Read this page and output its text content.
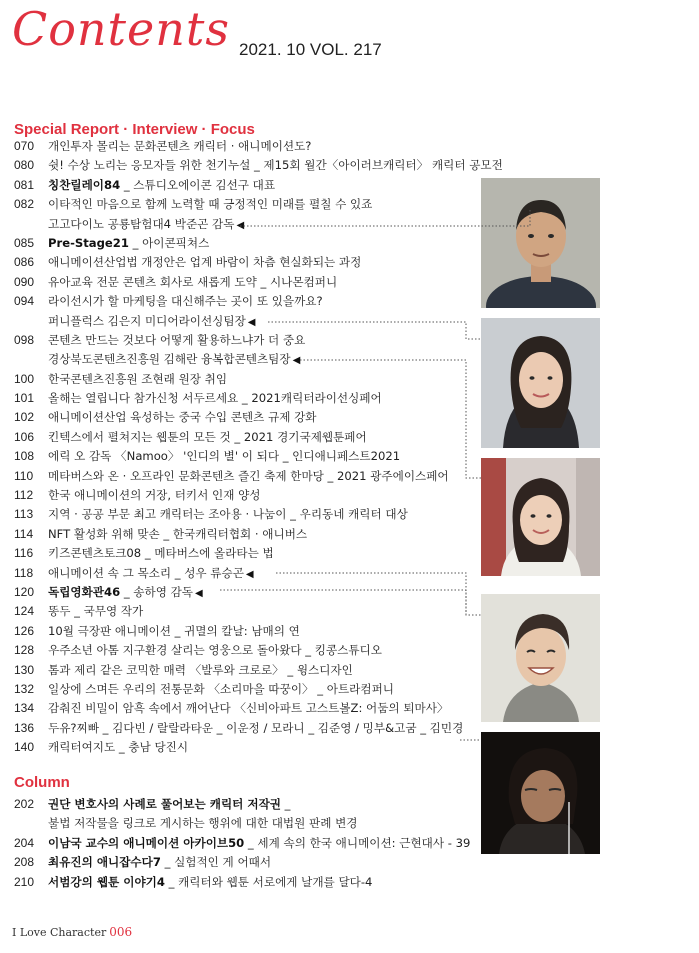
Contents 2021. 10 VOL. 217
Special Report · Interview · Focus
070	개인투자 몰리는 문화콘텐츠 캐릭터 · 애니메이션도?
080	쉿! 수상 노리는 응모자들 위한 천기누설 _ 제15회 월간〈아이러브캐릭터〉 캐릭터 공모전
081	칭찬릴레이84 _ 스튜디오에이콘 김선구 대표
082	이타적인 마음으로 함께 노력할 때 긍정적인 미래를 펼칠 수 있죠
고고다이노 공룡탐험대4 박준곤 감독 ◀
085	Pre-Stage21 _ 아이콘픽쳐스
086	애니메이션산업법 개정안은 업계 바람이 차츰 현실화되는 과정
090	유아교육 전문 콘텐츠 회사로 새롭게 도약 _ 시나몬컴퍼니
094	라이선시가 할 마케팅을 대신해주는 곳이 또 있을까요?
퍼니플럭스 김은지 미디어라이선싱팀장 ◀
098	콘텐츠 만드는 것보다 어떻게 활용하느냐가 더 중요
경상북도콘텐츠진흥원 김해란 융복합콘텐츠팀장 ◀
100	한국콘텐츠진흥원 조현래 원장 취임
101	올해는 열립니다 참가신청 서두르세요 _ 2021캐릭터라이선싱페어
102	애니메이션산업 육성하는 중국 수입 콘텐츠 규제 강화
106	킨텍스에서 펼쳐지는 웹툰의 모든 것 _ 2021 경기국제웹툰페어
108	에릭 오 감독 〈Namoo〉 '인디의 별' 이 되다 _ 인디애니페스트2021
110	메타버스와 온 · 오프라인 문화콘텐츠 즐긴 축제 한마당 _ 2021 광주에이스페어
112	한국 애니메이션의 거장, 터키서 인재 양성
113	지역 · 공공 부문 최고 캐릭터는 조아용 · 나눔이 _ 우리동네 캐릭터 대상
114	NFT 활성화 위해 맞손 _ 한국캐릭터협회 · 애니버스
116	키즈콘텐츠토크08 _ 메타버스에 올라타는 법
118	애니메이션 속 그 목소리 _ 성우 류승곤 ◀
120	독립영화관46 _ 송하영 감독 ◀
124	똥두 _ 국무영 작가
126	10월 극장판 애니메이션 _ 귀멸의 칼날: 남매의 연
128	우주소년 아톰 지구환경 살리는 영웅으로 돌아왔다 _ 킹콩스튜디오
130	톰과 제리 같은 코믹한 매력 〈발루와 크로로〉 _ 윙스디자인
132	일상에 스며든 우리의 전통문화 〈소리마을 따꿍이〉 _ 아트라컴퍼니
134	감춰진 비밀이 암흑 속에서 깨어난다 〈신비아파트 고스트볼Z: 어둠의 퇴마사〉
136	두유?찌빠 _ 김다빈 / 랄랄라타운 _ 이운정 / 모라니 _ 김준영 / 밍부&고굼 _ 김민경
140	캐릭터여지도 _ 충남 당진시
Column
202	권단 변호사의 사례로 풀어보는 캐릭터 저작권 _
불법 저작물을 링크로 게시하는 행위에 대한 대법원 판례 변경
204	이남국 교수의 애니메이션 아카이브50 _ 세계 속의 한국 애니메이션: 근현대사 - 39
208	최유진의 애니잡수다7 _ 실험적인 게 어때서
210	서범강의 웹툰 이야기4 _ 캐릭터와 웹툰 서로에게 날개를 달다-4
I Love Character 006
